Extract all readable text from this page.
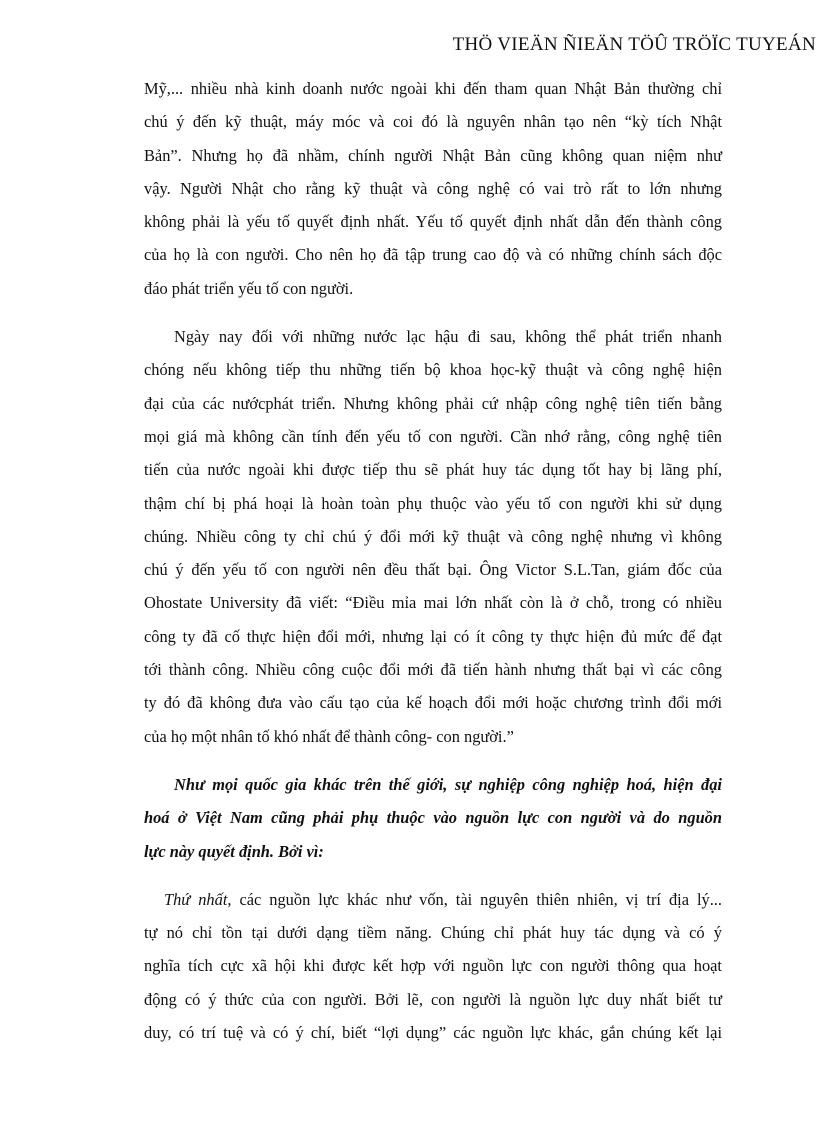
THÖ VIEÄN ÑIEÄN TÖÛ TRÖÏC TUYEÁN
Mỹ,... nhiều nhà kinh doanh nước ngoài khi đến tham quan Nhật Bản thường chỉ
chú ý đến kỹ thuật, máy móc và coi đó là nguyên nhân tạo nên “kỳ tích Nhật
Bản”. Nhưng họ đã nhầm, chính người Nhật Bản cũng không quan niệm như
vậy. Người Nhật cho rằng kỹ thuật và công nghệ có vai trò rất to lớn nhưng
không phải là yếu tố quyết định nhất. Yếu tố quyết định nhất dẫn đến thành công
của họ là con người. Cho nên họ đã tập trung cao độ và có những chính sách độc
đáo phát triển yếu tố con người.
Ngày nay đối với những nước lạc hậu đi sau, không thể phát triển nhanh
chóng nếu không tiếp thu những tiến bộ khoa học-kỹ thuật và công nghệ hiện
đại của các nướcphát triển. Nhưng không phải cứ nhập công nghệ tiên tiến bằng
mọi giá mà không cần tính đến yếu tố con người. Cần nhớ rằng, công nghệ tiên
tiến của nước ngoài khi được tiếp thu sẽ phát huy tác dụng tốt hay bị lãng phí,
thậm chí bị phá hoại là hoàn toàn phụ thuộc vào yếu tố con người khi sử dụng
chúng. Nhiều công ty chỉ chú ý đổi mới kỹ thuật và công nghệ nhưng vì không
chú ý đến yếu tố con người nên đều thất bại. Ông Victor S.L.Tan, giám đốc của
Ohostate University đã viết: “Điều mỉa mai lớn nhất còn là ở chỗ, trong có nhiều
công ty đã cố thực hiện đổi mới, nhưng lại có ít công ty thực hiện đủ mức để đạt
tới thành công. Nhiều công cuộc đổi mới đã tiến hành nhưng thất bại vì các công
ty đó đã không đưa vào cấu tạo của kế hoạch đổi mới hoặc chương trình đổi mới
của họ một nhân tố khó nhất để thành công- con người.”
Như mọi quốc gia khác trên thế giới, sự nghiệp công nghiệp hoá, hiện đại
hoá ở Việt Nam cũng phải phụ thuộc vào nguồn lực con người và do nguồn
lực này quyết định. Bởi vì:
Thứ nhất, các nguồn lực khác như vốn, tài nguyên thiên nhiên, vị trí địa lý...
tự nó chỉ tồn tại dưới dạng tiềm năng. Chúng chỉ phát huy tác dụng và có ý
nghĩa tích cực xã hội khi được kết hợp với nguồn lực con người thông qua hoạt
động có ý thức của con người. Bởi lẽ, con người là nguồn lực duy nhất biết tư
duy, có trí tuệ và có ý chí, biết “lợi dụng” các nguồn lực khác, gắn chúng kết lại
